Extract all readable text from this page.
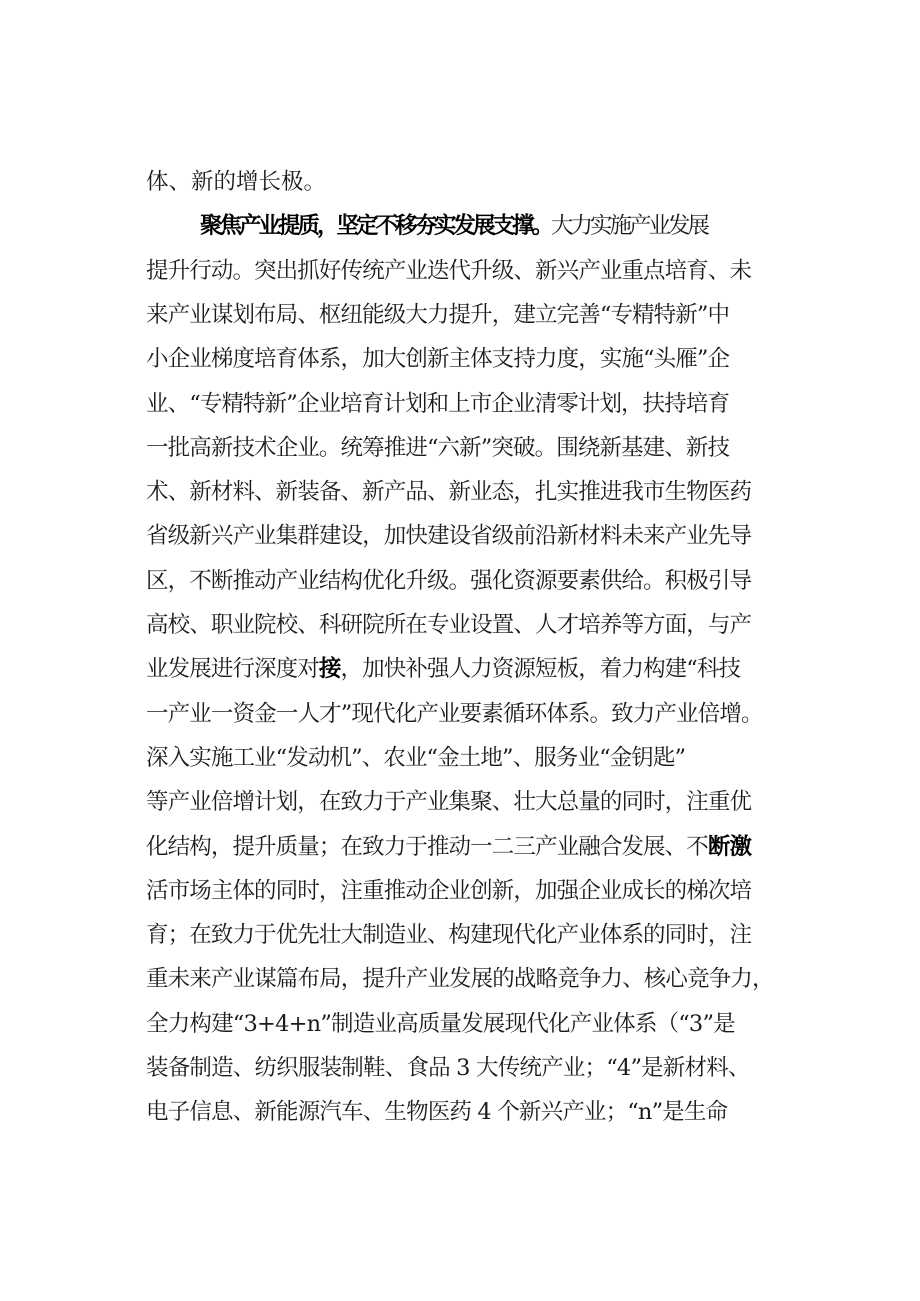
体、新的增长极。
聚焦产业提质，坚定不移夯实发展支撑。大力实施产业发展
提升行动。突出抓好传统产业迭代升级、新兴产业重点培育、未
来产业谋划布局、枢纽能级大力提升，建立完善“专精特新”中
小企业梯度培育体系，加大创新主体支持力度，实施“头雁”企
业、“专精特新”企业培育计划和上市企业清零计划，扶持培育
一批高新技术企业。统筹推进“六新”突破。围绕新基建、新技
术、新材料、新装备、新产品、新业态，扎实推进我市生物医药
省级新兴产业集群建设，加快建设省级前沿新材料未来产业先导
区，不断推动产业结构优化升级。强化资源要素供给。积极引导
高校、职业院校、科研院所在专业设置、人才培养等方面，与产
业发展进行深度对接，加快补强人力资源短板，着力构建“科技
一产业一资金一人才”现代化产业要素循环体系。致力产业倍增。
深入实施工业“发动机”、农业“金土地”、服务业“金钥匙”
等产业倍增计划，在致力于产业集聚、壮大总量的同时，注重优
化结构，提升质量；在致力于推动一二三产业融合发展、不断激
活市场主体的同时，注重推动企业创新，加强企业成长的梯次培
育；在致力于优先壮大制造业、构建现代化产业体系的同时，注
重未来产业谋篇布局，提升产业发展的战略竞争力、核心竞争力，
全力构建“3+4+n”制造业高质量发展现代化产业体系（“3”是
装备制造、纺织服装制鞋、食品 3 大传统产业；“4”是新材料、
电子信息、新能源汽车、生物医药 4 个新兴产业；“n”是生命
